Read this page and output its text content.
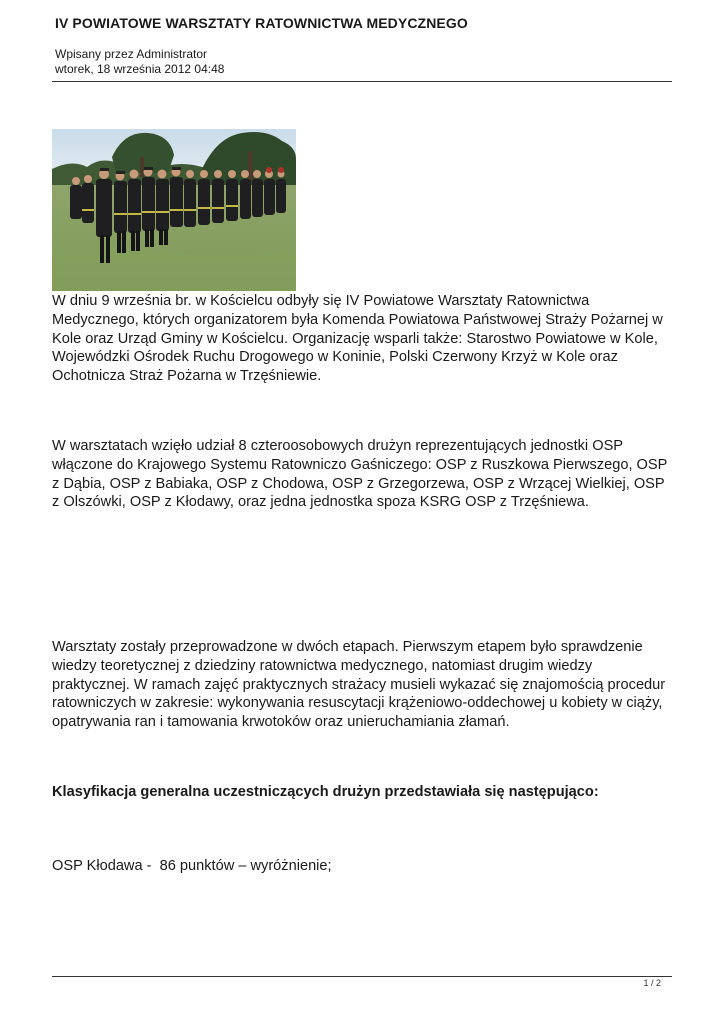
IV POWIATOWE WARSZTATY RATOWNICTWA MEDYCZNEGO
Wpisany przez Administrator
wtorek, 18 września 2012 04:48

W dniu 9 września br. w Kościelcu odbyły się IV Powiatowe Warsztaty Ratownictwa Medycznego, których organizatorem była Komenda Powiatowa Państwowej Straży Pożarnej w Kole oraz Urząd Gminy w Kościelcu. Organizację wsparli także: Starostwo Powiatowe w Kole, Wojewódzki Ośrodek Ruchu Drogowego w Koninie, Polski Czerwony Krzyż w Kole oraz Ochotnicza Straż Pożarna w Trzęśniewie.

W warsztatach wzięło udział 8 czteroosobowych drużyn reprezentujących jednostki OSP włączone do Krajowego Systemu Ratowniczo Gaśniczego: OSP z Ruszkowa Pierwszego, OSP z Dąbia, OSP z Babiaka, OSP z Chodowa, OSP z Grzegorzewa, OSP z Wrzącej Wielkiej, OSP z Olszówki, OSP z Kłodawy, oraz jedna jednostka spoza KSRG OSP z Trzęśniewa.

Warsztaty zostały przeprowadzone w dwóch etapach. Pierwszym etapem było sprawdzenie wiedzy teoretycznej z dziedziny ratownictwa medycznego, natomiast drugim wiedzy praktycznej. W ramach zajęć praktycznych strażacy musieli wykazać się znajomością procedur ratowniczych w zakresie: wykonywania resuscytacji krążeniowo-oddechowej u kobiety w ciąży, opatrywania ran i tamowania krwotoków oraz unieruchamiania złamań.

Klasyfikacja generalna uczestniczących drużyn przedstawiała się następująco:
OSP Kłodawa -  86 punktów – wyróżnienie;
1 / 2
